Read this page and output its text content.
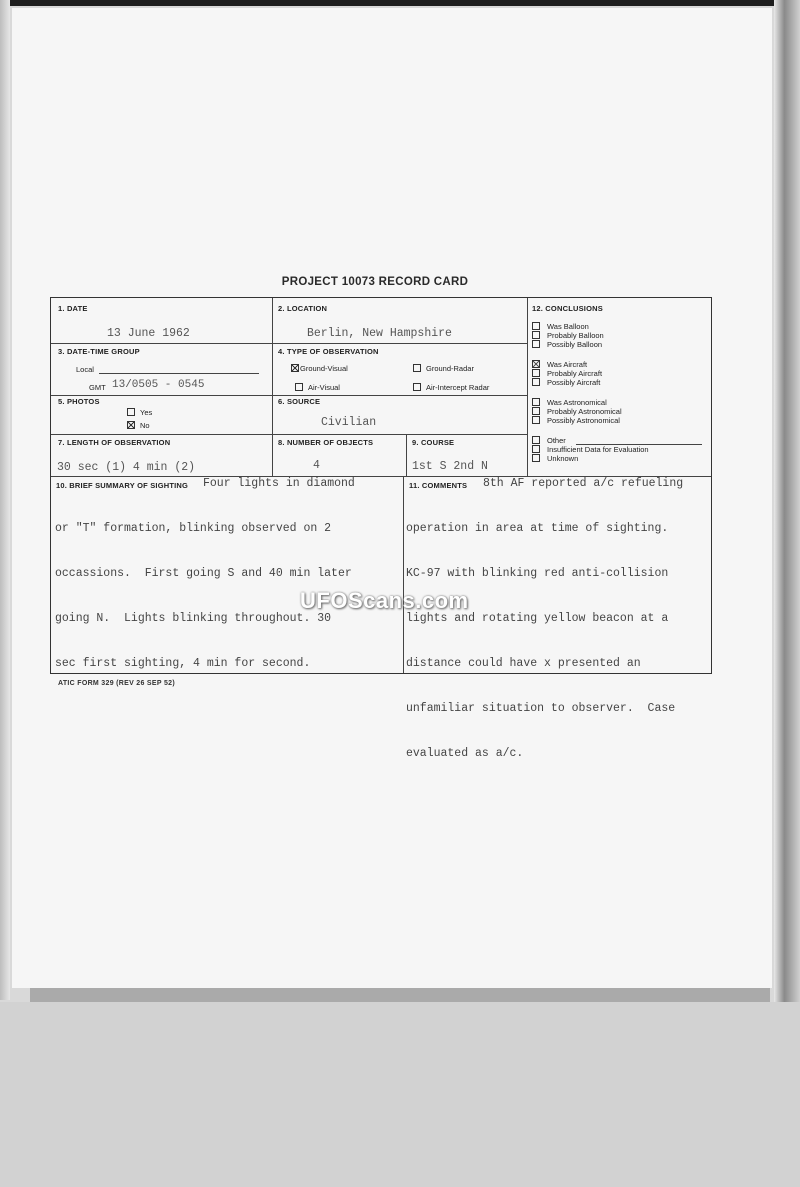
PROJECT 10073 RECORD CARD
1. DATE
13 June 1962
2. LOCATION
Berlin, New Hampshire
3. DATE-TIME GROUP
Local
GMT 13/0505 - 0545
4. TYPE OF OBSERVATION
Ground-Visual	Ground-Radar
Air-Visual	Air-Intercept Radar
5. PHOTOS
Yes
No
6. SOURCE
Civilian
7. LENGTH OF OBSERVATION
30 sec (1) 4 min (2)
8. NUMBER OF OBJECTS
4
9. COURSE
1st S 2nd N
12. CONCLUSIONS
Was Balloon
Probably Balloon
Possibly Balloon
Was Aircraft
Probably Aircraft
Possibly Aircraft
Was Astronomical
Probably Astronomical
Possibly Astronomical
Other
Insufficient Data for Evaluation
Unknown
10. BRIEF SUMMARY OF SIGHTING Four lights in diamond

or "T" formation, blinking observed on 2

occassions.  First going S and 40 min later

going N.  Lights blinking throughout. 30

sec first sighting, 4 min for second.

11. COMMENTS 8th AF reported a/c refueling

operation in area at time of sighting.

KC-97 with blinking red anti-collision

lights and rotating yellow beacon at a

distance could have x presented an

unfamiliar situation to observer.  Case

evaluated as a/c.

ATIC FORM 329 (REV 26 SEP 52)
UFOScans.com
